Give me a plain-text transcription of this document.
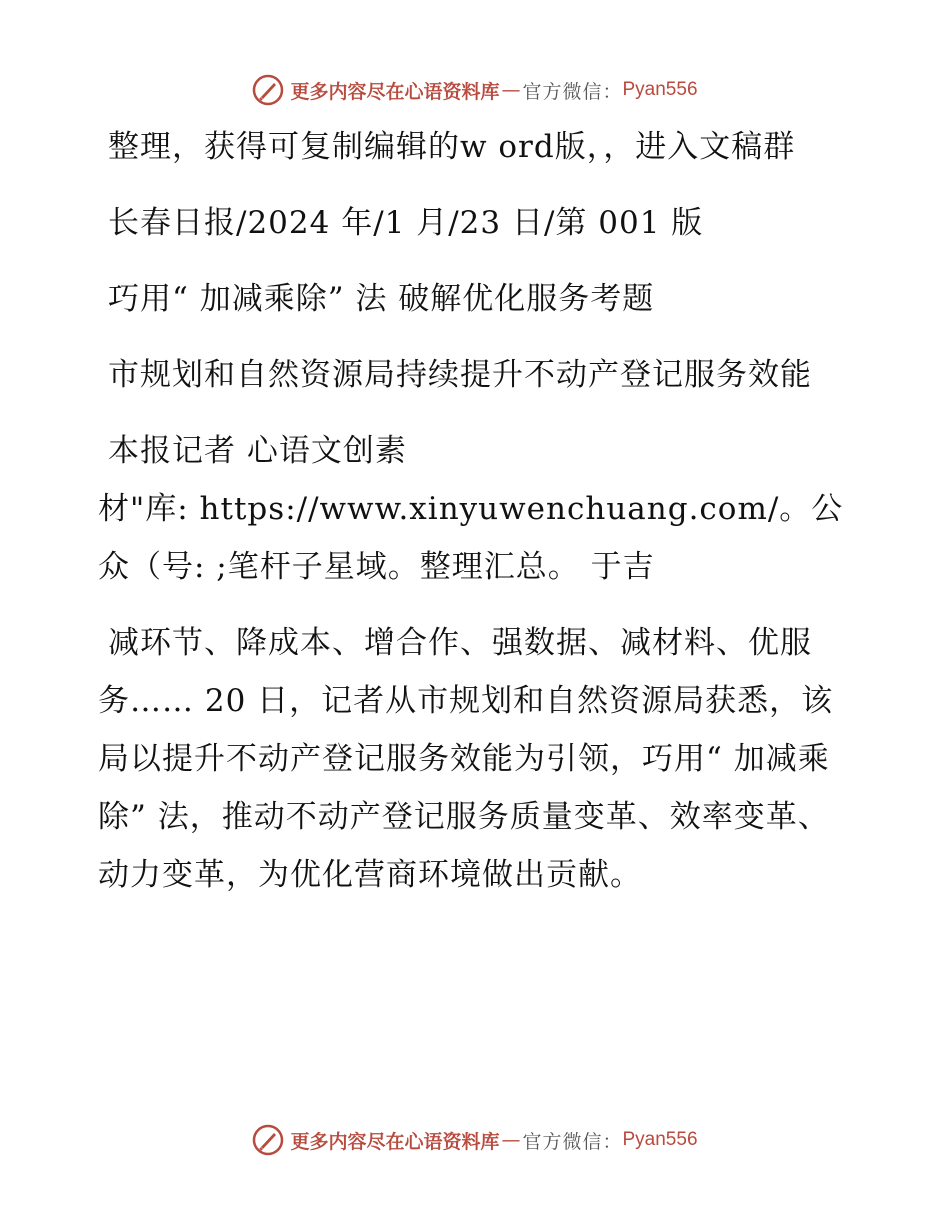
更多内容尽在心语资料库 — 官方微信： Pyan556

整理，获得可复制编辑的w ord版，，进入文稿群

长春日报/2024 年/1 月/23 日/第 001 版

巧用“ 加减乘除” 法 破解优化服务考题

市规划和自然资源局持续提升不动产登记服务效能

本报记者 心语文创素

材"库: https://www.xinyuwenchuang.com/。公众（号: ;笔杆子星域。整理汇总。 于吉

减环节、降成本、增合作、强数据、减材料、优服务…… 20 日，记者从市规划和自然资源局获悉，该局以提升不动产登记服务效能为引领，巧用“ 加减乘除” 法，推动不动产登记服务质量变革、效率变革、动力变革，为优化营商环境做出贡献。

更多内容尽在心语资料库 — 官方微信： Pyan556
